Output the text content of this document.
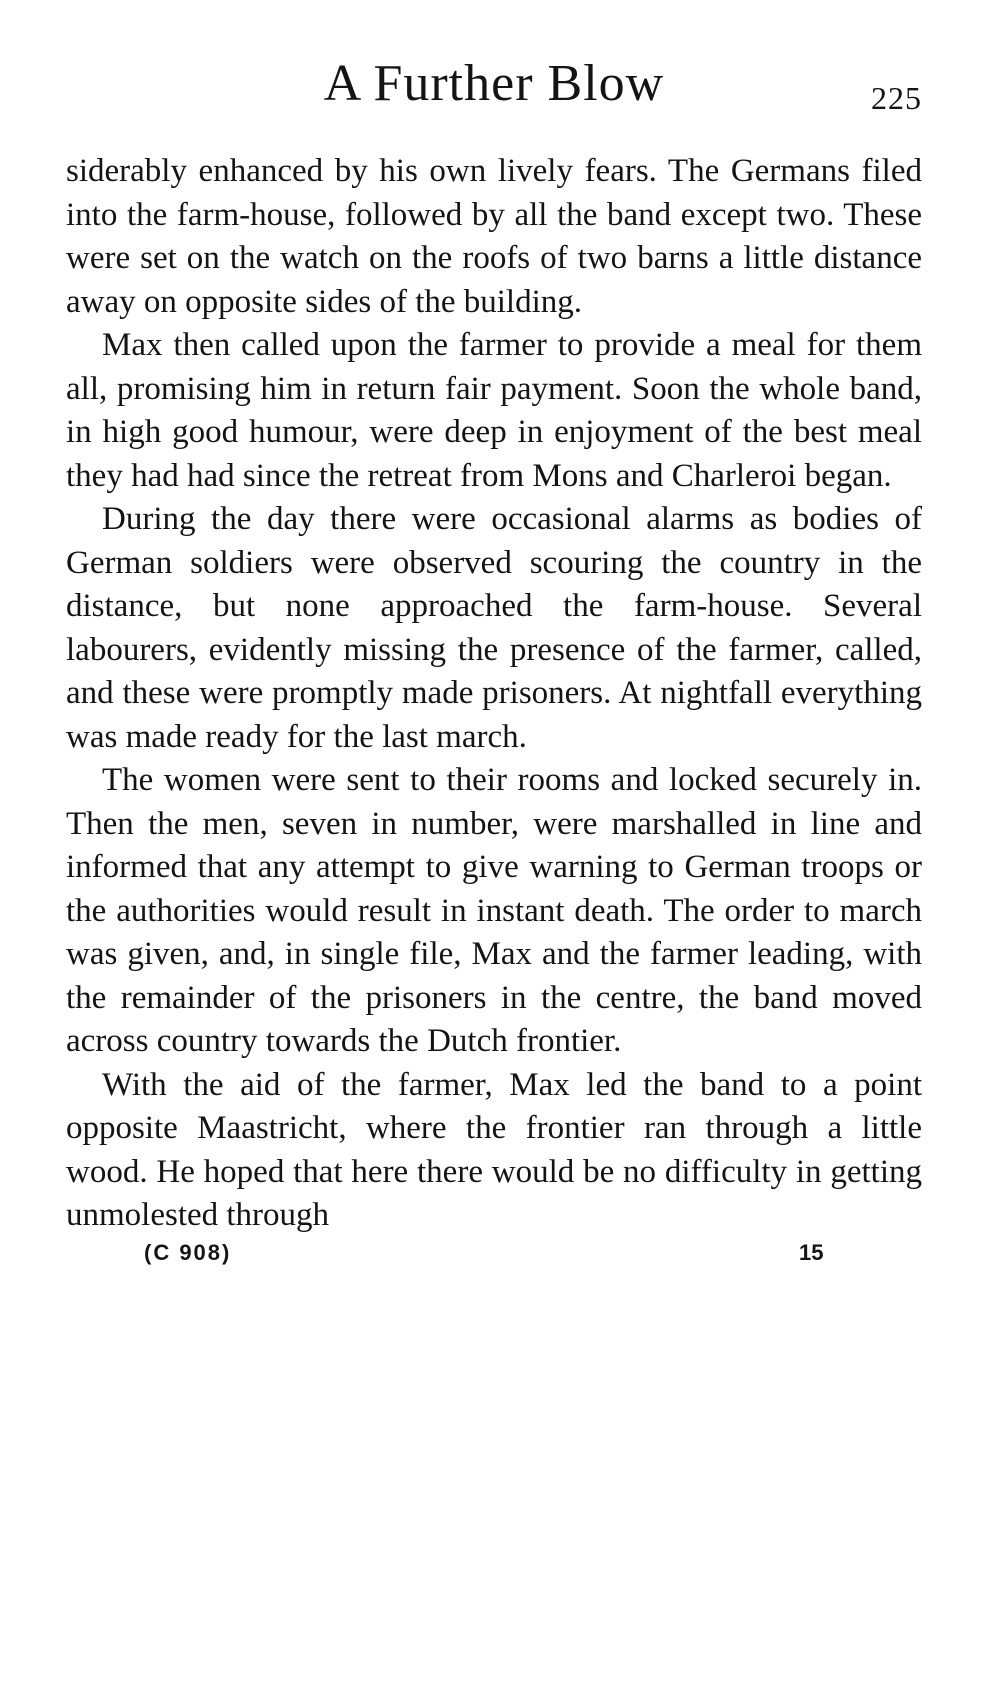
A Further Blow	225

siderably enhanced by his own lively fears. The Germans filed into the farm-house, followed by all the band except two. These were set on the watch on the roofs of two barns a little distance away on opposite sides of the building.

Max then called upon the farmer to provide a meal for them all, promising him in return fair payment. Soon the whole band, in high good humour, were deep in enjoyment of the best meal they had had since the retreat from Mons and Charleroi began.

During the day there were occasional alarms as bodies of German soldiers were observed scouring the country in the distance, but none approached the farm-house. Several labourers, evidently missing the presence of the farmer, called, and these were promptly made prisoners. At nightfall everything was made ready for the last march.

The women were sent to their rooms and locked securely in. Then the men, seven in number, were marshalled in line and informed that any attempt to give warning to German troops or the authorities would result in instant death. The order to march was given, and, in single file, Max and the farmer leading, with the remainder of the prisoners in the centre, the band moved across country towards the Dutch frontier.

With the aid of the farmer, Max led the band to a point opposite Maastricht, where the frontier ran through a little wood. He hoped that here there would be no difficulty in getting unmolested through

(C 908)	15
